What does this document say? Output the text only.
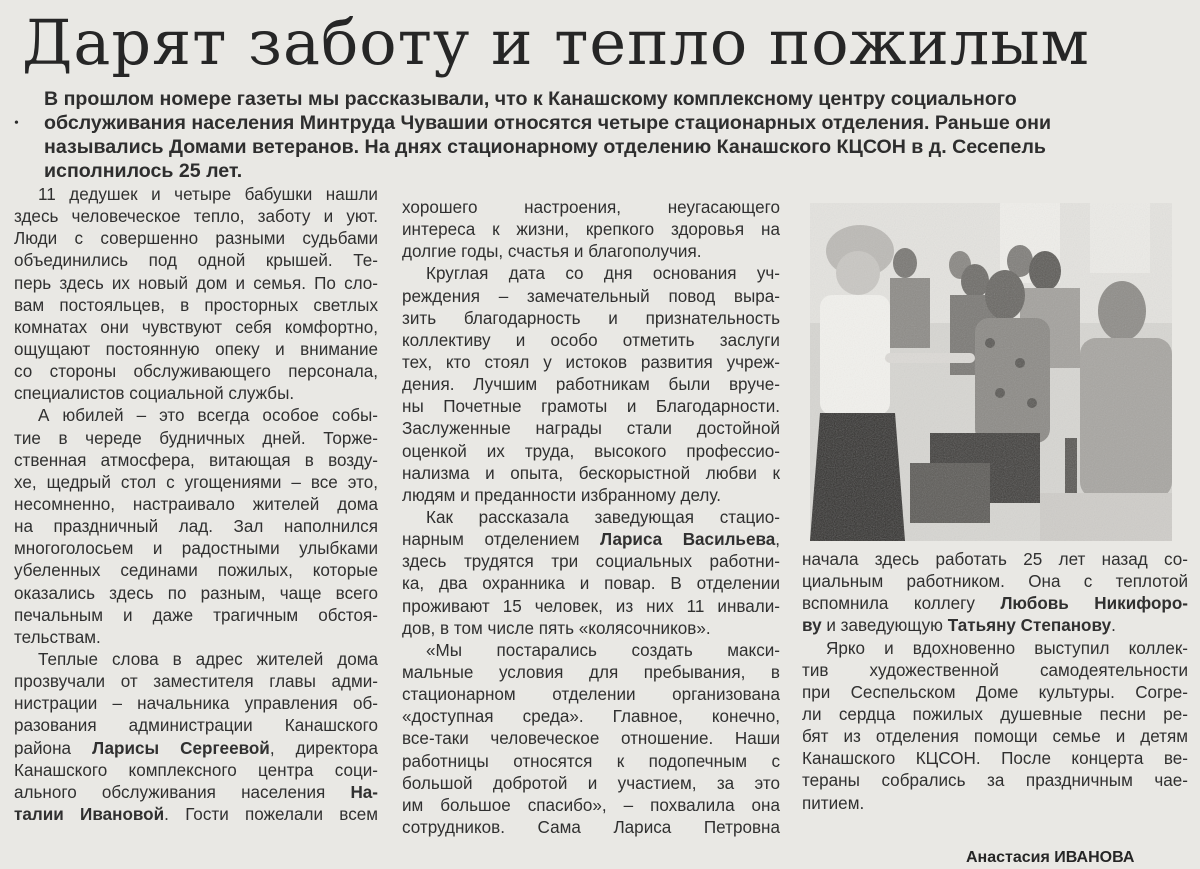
Дарят заботу и тепло пожилым
•
В прошлом номере газеты мы рассказывали, что к Канашскому комплексному центру социального
обслуживания населения Минтруда Чувашии относятся четыре стационарных отделения. Раньше они
назывались Домами ветеранов. На днях стационарному отделению Канашского КЦСОН в д. Сесепель
исполнилось 25 лет.
11 дедушек и четыре бабушки нашли
здесь человеческое тепло, заботу и уют.
Люди с совершенно разными судьбами
объединились под одной крышей. Те-
перь здесь их новый дом и семья. По сло-
вам постояльцев, в просторных светлых
комнатах они чувствуют себя комфортно,
ощущают постоянную опеку и внимание
со стороны обслуживающего персонала,
специалистов социальной службы.
А юбилей – это всегда особое собы-
тие в череде будничных дней. Торже-
ственная атмосфера, витающая в возду-
хе, щедрый стол с угощениями – все это,
несомненно, настраивало жителей дома
на праздничный лад. Зал наполнился
многоголосьем и радостными улыбками
убеленных сединами пожилых, которые
оказались здесь по разным, чаще всего
печальным и даже трагичным обстоя-
тельствам.
Теплые слова в адрес жителей дома
прозвучали от заместителя главы адми-
нистрации – начальника управления об-
разования администрации Канашского
района Ларисы Сергеевой, директора
Канашского комплексного центра соци-
ального обслуживания населения На-
талии Ивановой. Гости пожелали всем
хорошего настроения, неугасающего
интереса к жизни, крепкого здоровья на
долгие годы, счастья и благополучия.
Круглая дата со дня основания уч-
реждения – замечательный повод выра-
зить благодарность и признательность
коллективу и особо отметить заслуги
тех, кто стоял у истоков развития учреж-
дения. Лучшим работникам были вруче-
ны Почетные грамоты и Благодарности.
Заслуженные награды стали достойной
оценкой их труда, высокого профессио-
нализма и опыта, бескорыстной любви к
людям и преданности избранному делу.
Как рассказала заведующая стацио-
нарным отделением Лариса Васильева,
здесь трудятся три социальных работни-
ка, два охранника и повар. В отделении
проживают 15 человек, из них 11 инвали-
дов, в том числе пять «колясочников».
«Мы постарались создать макси-
мальные условия для пребывания, в
стационарном отделении организована
«доступная среда». Главное, конечно,
все-таки человеческое отношение. Наши
работницы относятся к подопечным с
большой добротой и участием, за это
им большое спасибо», – похвалила она
сотрудников. Сама Лариса Петровна
начала здесь работать 25 лет назад со-
циальным работником. Она с теплотой
вспомнила коллегу Любовь Никифоро-
ву и заведующую Татьяну Степанову.
Ярко и вдохновенно выступил коллек-
тив художественной самодеятельности
при Сеспельском Доме культуры. Согре-
ли сердца пожилых душевные песни ре-
бят из отделения помощи семье и детям
Канашского КЦСОН. После концерта ве-
тераны собрались за праздничным чае-
питием.
Анастасия ИВАНОВА
